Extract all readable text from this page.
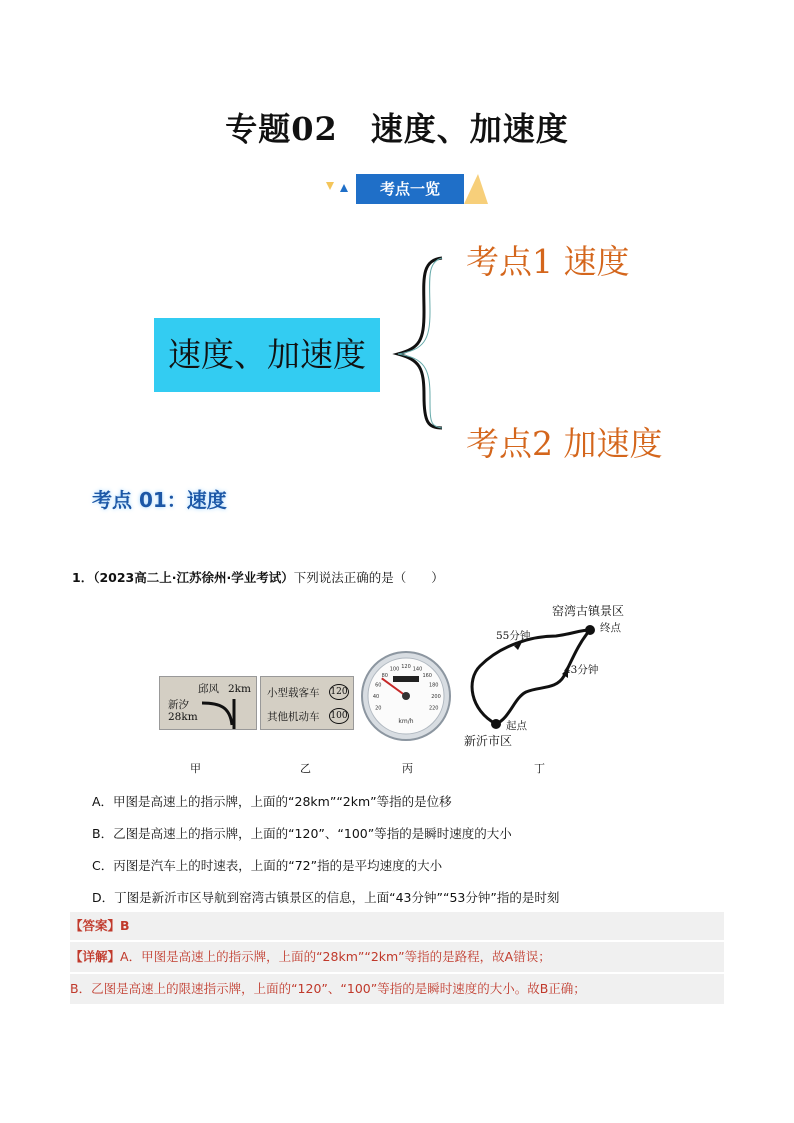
专题02　速度、加速度
考点一览
速度、加速度
考点1 速度
考点2 加速度
考点 01：速度
1．（2023高二上·江苏徐州·学业考试）下列说法正确的是（　　）
邱风 2km
新汐
28km
甲
小型载客车
其他机动车
120
100
乙
20
40
60
80
100 120 140
160
180
200
220
km/h
丙
窑湾古镇景区
终点
55分钟
43分钟
起点
新沂市区
丁
A．甲图是高速上的指示牌，上面的“28km”“2km”等指的是位移
B．乙图是高速上的指示牌，上面的“120”、“100”等指的是瞬时速度的大小
C．丙图是汽车上的时速表，上面的“72”指的是平均速度的大小
D．丁图是新沂市区导航到窑湾古镇景区的信息，上面“43分钟”“53分钟”指的是时刻
【答案】B
【详解】A．甲图是高速上的指示牌，上面的“28km”“2km”等指的是路程，故A错误；
B．乙图是高速上的限速指示牌，上面的“120”、“100”等指的是瞬时速度的大小。故B正确；
